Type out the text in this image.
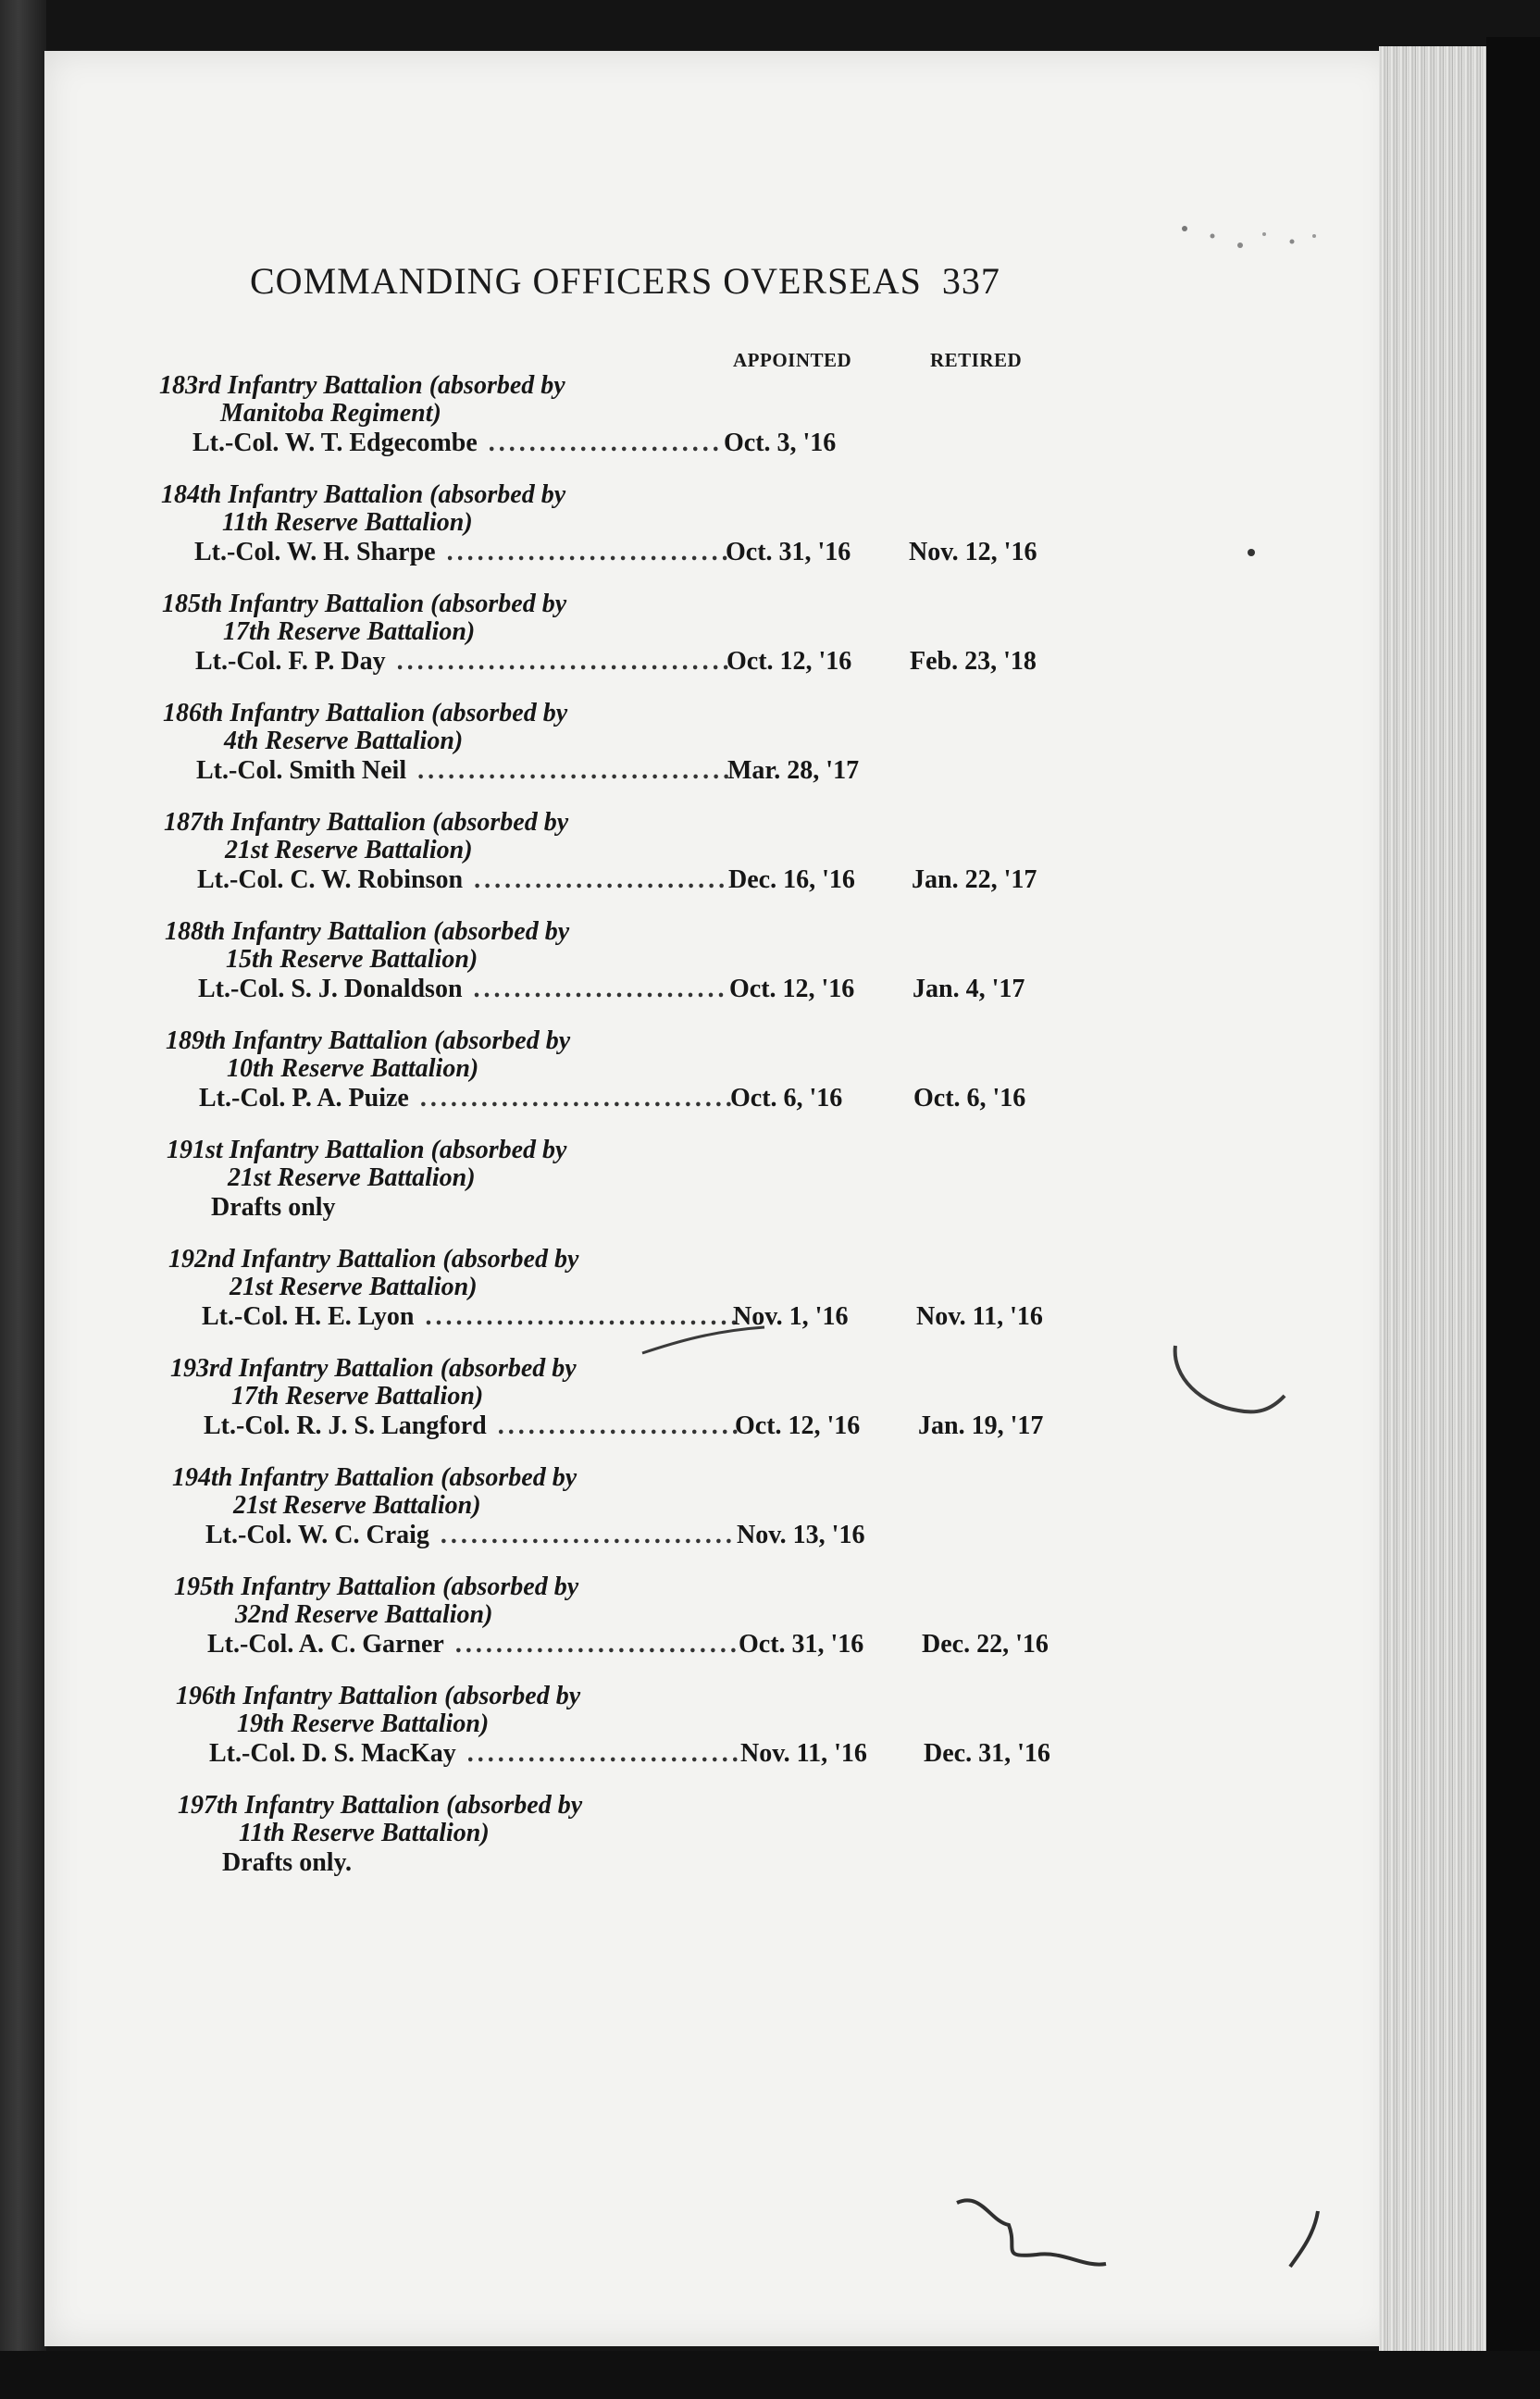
COMMANDING OFFICERS OVERSEAS 337
APPOINTED	RETIRED
183rd Infantry Battalion (absorbed by
Manitoba Regiment)
Lt.-Col. W. T. Edgecombe ....................... Oct. 3, '16
184th Infantry Battalion (absorbed by
11th Reserve Battalion)
Lt.-Col. W. H. Sharpe ............................
Oct. 31, '16 Nov. 12, '16
185th Infantry Battalion (absorbed by
17th Reserve Battalion)
Lt.-Col. F. P. Day .................................
Oct. 12, '16 Feb. 23, '18
186th Infantry Battalion (absorbed by
4th Reserve Battalion)
Lt.-Col. Smith Neil ...............................
Mar. 28, '17
187th Infantry Battalion (absorbed by
21st Reserve Battalion)
Lt.-Col. C. W. Robinson ......................... Dec. 16, '16 Jan. 22, '17
188th Infantry Battalion (absorbed by
15th Reserve Battalion)
Lt.-Col. S. J. Donaldson ......................... Oct. 12, '16 Jan. 4, '17
189th Infantry Battalion (absorbed by
10th Reserve Battalion)
Lt.-Col. P. A. Puize ...............................
Oct. 6, '16	Oct. 6, '16
191st Infantry Battalion (absorbed by
21st Reserve Battalion)
Drafts only
192nd Infantry Battalion (absorbed by
21st Reserve Battalion)
Lt.-Col. H. E. Lyon ...............................
Nov. 1, '16	Nov. 11, '16
193rd Infantry Battalion (absorbed by
17th Reserve Battalion)
Lt.-Col. R. J. S. Langford ........................
Oct. 12, '16 Jan. 19, '17
194th Infantry Battalion (absorbed by
21st Reserve Battalion)
Lt.-Col. W. C. Craig ............................. Nov. 13, '16
195th Infantry Battalion (absorbed by
32nd Reserve Battalion)
Lt.-Col. A. C. Garner ............................
Oct. 31, '16 Dec. 22, '16
196th Infantry Battalion (absorbed by
19th Reserve Battalion)
Lt.-Col. D. S. MacKay ...........................
Nov. 11, '16 Dec. 31, '16
197th Infantry Battalion (absorbed by
11th Reserve Battalion)
Drafts only.
